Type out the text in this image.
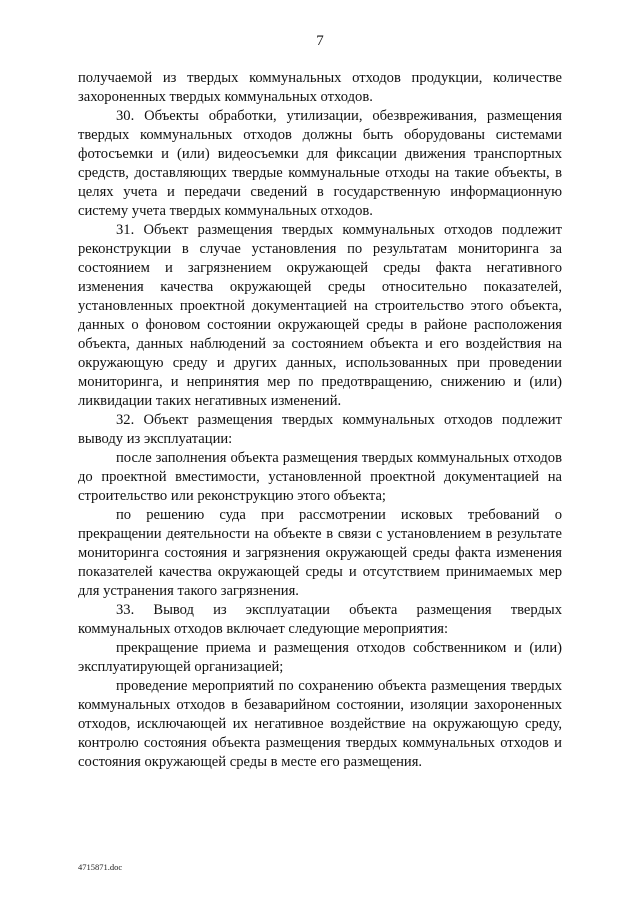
7

получаемой из твердых коммунальных отходов продукции, количестве захороненных твердых коммунальных отходов.

30. Объекты обработки, утилизации, обезвреживания, размещения твердых коммунальных отходов должны быть оборудованы системами фотосъемки и (или) видеосъемки для фиксации движения транспортных средств, доставляющих твердые коммунальные отходы на такие объекты, в целях учета и передачи сведений в государственную информационную систему учета твердых коммунальных отходов.

31. Объект размещения твердых коммунальных отходов подлежит реконструкции в случае установления по результатам мониторинга за состоянием и загрязнением окружающей среды факта негативного изменения качества окружающей среды относительно показателей, установленных проектной документацией на строительство этого объекта, данных о фоновом состоянии окружающей среды в районе расположения объекта, данных наблюдений за состоянием объекта и его воздействия на окружающую среду и других данных, использованных при проведении мониторинга, и непринятия мер по предотвращению, снижению и (или) ликвидации таких негативных изменений.

32. Объект размещения твердых коммунальных отходов подлежит выводу из эксплуатации:

после заполнения объекта размещения твердых коммунальных отходов до проектной вместимости, установленной проектной документацией на строительство или реконструкцию этого объекта;

по решению суда при рассмотрении исковых требований о прекращении деятельности на объекте в связи с установлением в результате мониторинга состояния и загрязнения окружающей среды факта изменения показателей качества окружающей среды и отсутствием принимаемых мер для устранения такого загрязнения.

33. Вывод из эксплуатации объекта размещения твердых коммунальных отходов включает следующие мероприятия:

прекращение приема и размещения отходов собственником и (или) эксплуатирующей организацией;

проведение мероприятий по сохранению объекта размещения твердых коммунальных отходов в безаварийном состоянии, изоляции захороненных отходов, исключающей их негативное воздействие на окружающую среду, контролю состояния объекта размещения твердых коммунальных отходов и состояния окружающей среды в месте его размещения.

4715871.doc
